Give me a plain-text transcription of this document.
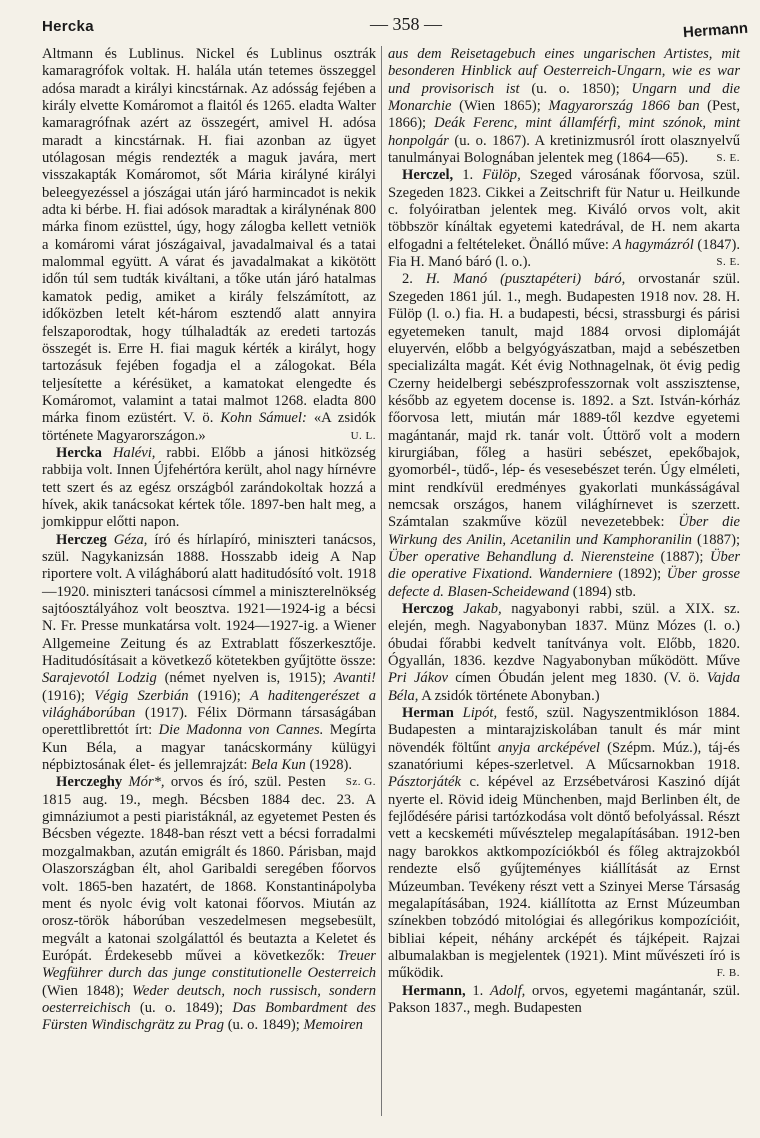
Hercka	— 358 —	Hermann

Altmann és Lublinus. Nickel és Lublinus osztrák kamaragrófok voltak. H. halála után tetemes összeggel adósa maradt a királyi kincstárnak. Az adósság fejében a király elvette Komáromot a flaitól és 1265. eladta Walter kamaragrófnak azért az összegért, amivel H. adósa maradt a kincstárnak. H. fiai azonban az ügyet utólagosan mégis rendezték a maguk javára, mert visszakapták Komáromot, sőt Mária királyné királyi beleegyezéssel a jószágai után járó harmincadot is nekik adta ki bérbe. H. fiai adósok maradtak a királynénak 800 márka finom ezüsttel, úgy, hogy zálogba kellett vetniök a komáromi várat jószágaival, javadalmaival és a tatai malommal együtt. A várat és javadalmakat a kikötött időn túl sem tudták kiváltani, a tőke után járó hatalmas kamatok pedig, amiket a király felszámított, az időközben letelt két-három esztendő alatt annyira felszaporodtak, hogy túlhaladták az eredeti tartozás összegét is. Erre H. fiai maguk kérték a királyt, hogy tartozásuk fejében fogadja el a zálogokat. Béla teljesítette a kérésüket, a kamatokat elengedte és Komáromot, valamint a tatai malmot 1268. eladta 800 márka finom ezüstért. V. ö. Kohn Sámuel: «A zsidók története Magyarországon.»	U. L.

Hercka Halévi, rabbi. Előbb a jánosi hitközség rabbija volt. Innen Újfehértóra került, ahol nagy hírnévre tett szert és az egész országból zarándokoltak hozzá a hívek, akik tanácsokat kértek tőle. 1897-ben halt meg, a jomkippur előtti napon.

Herczeg Géza, író és hírlapíró, miniszteri tanácsos, szül. Nagykanizsán 1888. Hosszabb ideig A Nap riportere volt. A világháború alatt haditudósító volt. 1918—1920. miniszteri tanácsosi címmel a miniszterelnökség sajtóosztályához volt beosztva. 1921—1924-ig a bécsi N. Fr. Presse munkatársa volt. 1924—1927-ig. a Wiener Allgemeine Zeitung és az Extrablatt főszerkesztője. Haditudósításait a következő kötetekben gyűjtötte össze: Sarajevotól Lodzig (német nyelven is, 1915); Avanti! (1916); Végig Szerbián (1916); A haditengerészet a világháborúban (1917). Félix Dörmann társaságában operettlibrettót írt: Die Madonna von Cannes. Megírta Kun Béla, a magyar tanácskormány külügyi népbiztosának élet- és jellemrajzát: Bela Kun (1928).
Sz. G.

Herczeghy Mór*, orvos és író, szül. Pesten 1815 aug. 19., megh. Bécsben 1884 dec. 23. A gimnáziumot a pesti piaristáknál, az egyetemet Pesten és Bécsben végezte. 1848-ban részt vett a bécsi forradalmi mozgalmakban, azután emigrált és 1860. Párisban, majd Olaszországban élt, ahol Garibaldi seregében főorvos volt. 1865-ben hazatért, de 1868. Konstantinápolyba ment és nyolc évig volt katonai főorvos. Miután az orosz-török háborúban veszedelmesen megsebesült, megvált a katonai szolgálattól és beutazta a Keletet és Európát. Érdekesebb művei a következők: Treuer Wegführer durch das junge constitutionelle Oesterreich (Wien 1848); Weder deutsch, noch russisch, sondern oesterreichisch (u. o. 1849); Das Bombardment des Fürsten Windischgrätz zu Prag (u. o. 1849); Memoiren

aus dem Reisetagebuch eines ungarischen Artistes, mit besonderen Hinblick auf Oesterreich-Ungarn, wie es war und provisorisch ist (u. o. 1850); Ungarn und die Monarchie (Wien 1865); Magyarország 1866 ban (Pest, 1866); Deák Ferenc, mint államférfi, mint szónok, mint honpolgár (u. o. 1867). A kretinizmusról írott olasznyelvű tanulmányai Bolognában jelentek meg (1864—65).	S. E.

Herczel, 1. Fülöp, Szeged városának főorvosa, szül. Szegeden 1823. Cikkei a Zeitschrift für Natur u. Heilkunde c. folyóiratban jelentek meg. Kiváló orvos volt, akit többször kínáltak egyetemi katedrával, de H. nem akarta elfogadni a feltételeket. Önálló műve: A hagymázról (1847). Fia H. Manó báró (l. o.).	S. E.

2. H. Manó (pusztapéteri) báró, orvostanár szül. Szegeden 1861 júl. 1., megh. Budapesten 1918 nov. 28. H. Fülöp (l. o.) fia. H. a budapesti, bécsi, strassburgi és párisi egyetemeken tanult, majd 1884 orvosi diplomáját eluyervén, előbb a belgyógyászatban, majd a sebészetben specializálta magát. Két évig Nothnagelnak, öt évig pedig Czerny heidelbergi sebészprofesszornak volt asszisztense, később az egyetem docense is. 1892. a Szt. István-kórház főorvosa lett, miután már 1889-től kezdve egyetemi magántanár, majd rk. tanár volt. Úttörő volt a modern kirurgiában, főleg a hasüri sebészet, epekőbajok, gyomorbél-, tüdő-, lép- és vesesebészet terén. Úgy elméleti, mint rendkívül eredményes gyakorlati munkásságával nemcsak országos, hanem világhírnevet is szerzett. Számtalan szakműve közül nevezetebbek: Über die Wirkung des Anilin, Acetanilin und Kamphoranilin (1887); Über operative Behandlung d. Nierensteine (1887); Über die operative Fixationd. Wanderniere (1892); Über grosse defecte d. Blasen-Scheidewand (1894) stb.

Herczog Jakab, nagyabonyi rabbi, szül. a XIX. sz. elején, megh. Nagyabonyban 1837. Münz Mózes (l. o.) óbudai főrabbi kedvelt tanítványa volt. Előbb, 1820. Ógyallán, 1836. kezdve Nagyabonyban működött. Műve Pri Jákov címen Óbudán jelent meg 1830. (V. ö. Vajda Béla, A zsidók története Abonyban.)

Herman Lipót, festő, szül. Nagyszentmiklóson 1884. Budapesten a mintarajziskolában tanult és már mint növendék föltűnt anyja arcképével (Szépm. Múz.), táj-és szanatóriumi képes-szerletvel. A Műcsarnokban 1918. Pásztorjáték c. képével az Erzsébetvárosi Kaszinó díját nyerte el. Rövid ideig Münchenben, majd Berlinben élt, de fejlődésére párisi tartózkodása volt döntő befolyással. Részt vett a kecskeméti művésztelep megalapításában. 1912-ben nagy barokkos aktkompozíciókból és főleg aktrajzokból rendezte első gyűjteményes kiállítását az Ernst Múzeumban. Tevékeny részt vett a Szinyei Merse Társaság megalapításában, 1924. kiállította az Ernst Múzeumban színekben tobzódó mitológiai és allegórikus kompozícióit, bibliai képeit, néhány arcképét és tájképeit. Rajzai albumalakban is megjelentek (1921). Mint művészeti író is működik.	F. B.

Hermann, 1. Adolf, orvos, egyetemi magántanár, szül. Pakson 1837., megh. Budapesten
